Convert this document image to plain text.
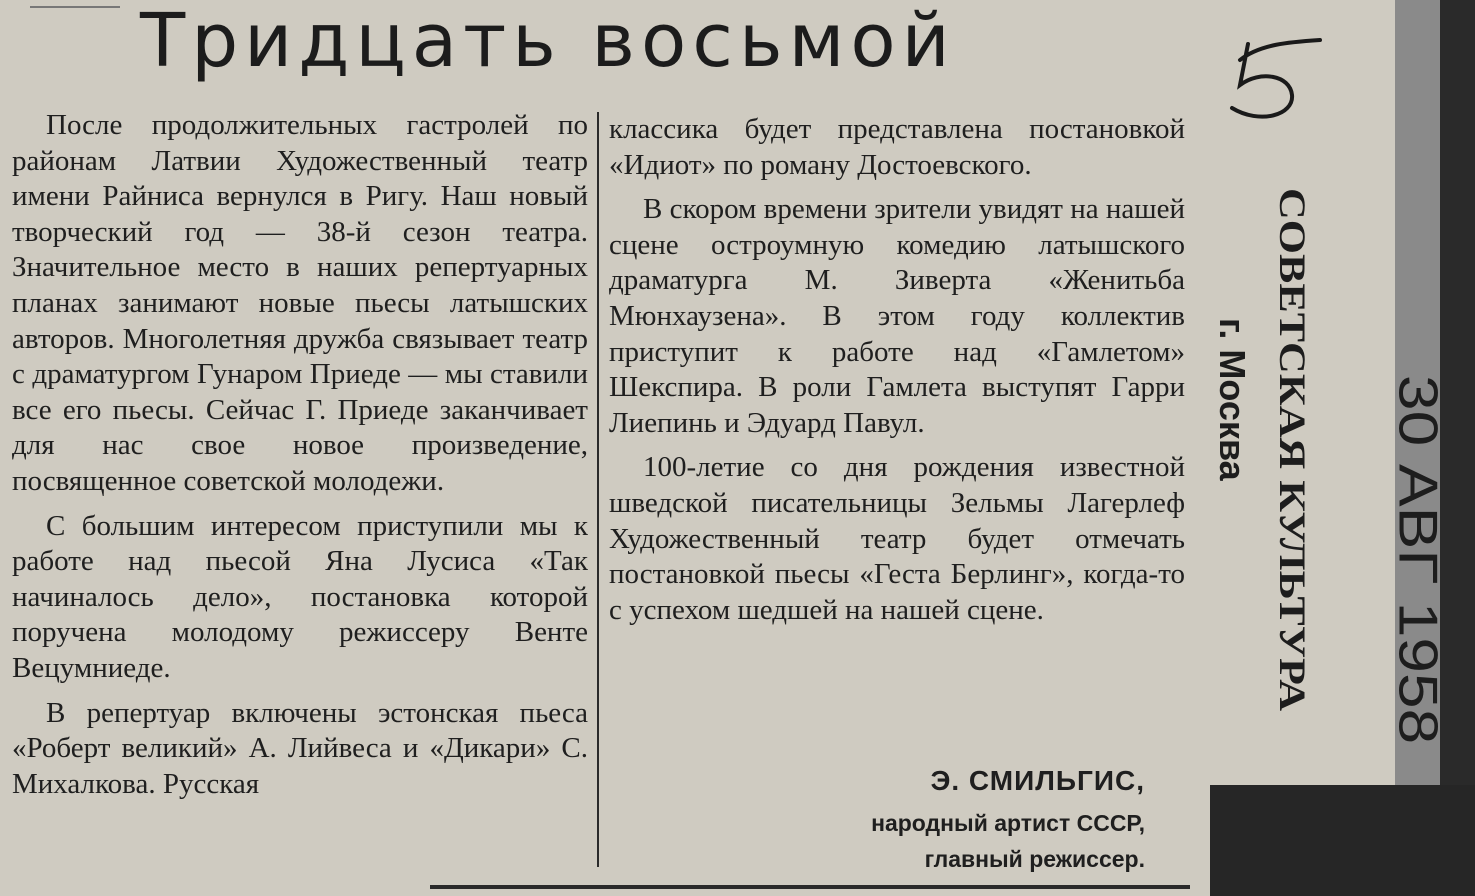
Тридцать восьмой

После продолжительных гастролей по районам Латвии Художественный театр имени Райниса вернулся в Ригу. Наш новый творческий год — 38-й сезон театра. Значительное место в наших репертуарных планах занимают новые пьесы латышских авторов. Многолетняя дружба связывает театр с драматургом Гунаром Приеде — мы ставили все его пьесы. Сейчас Г. Приеде заканчивает для нас свое новое произведение, посвященное советской молодежи.

С большим интересом приступили мы к работе над пьесой Яна Лусиса «Так начиналось дело», постановка которой поручена молодому режиссеру Венте Вецумниеде.

В репертуар включены эстонская пьеса «Роберт великий» А. Лийвеса и «Дикари» С. Михалкова. Русская

классика будет представлена постановкой «Идиот» по роману Достоевского.

В скором времени зрители увидят на нашей сцене остроумную комедию латышского драматурга М. Зиверта «Женитьба Мюнхаузена». В этом году коллектив приступит к работе над «Гамлетом» Шекспира. В роли Гамлета выступят Гарри Лиепинь и Эдуард Павул.

100-летие со дня рождения известной шведской писательницы Зельмы Лагерлеф Художественный театр будет отмечать постановкой пьесы «Геста Берлинг», когда-то с успехом шедшей на нашей сцене.

Э. СМИЛЬГИС,
народный артист СССР,
главный режиссер.
СОВЕТСКАЯ КУЛЬТУРА
г. Москва 30 АВГ 1958
